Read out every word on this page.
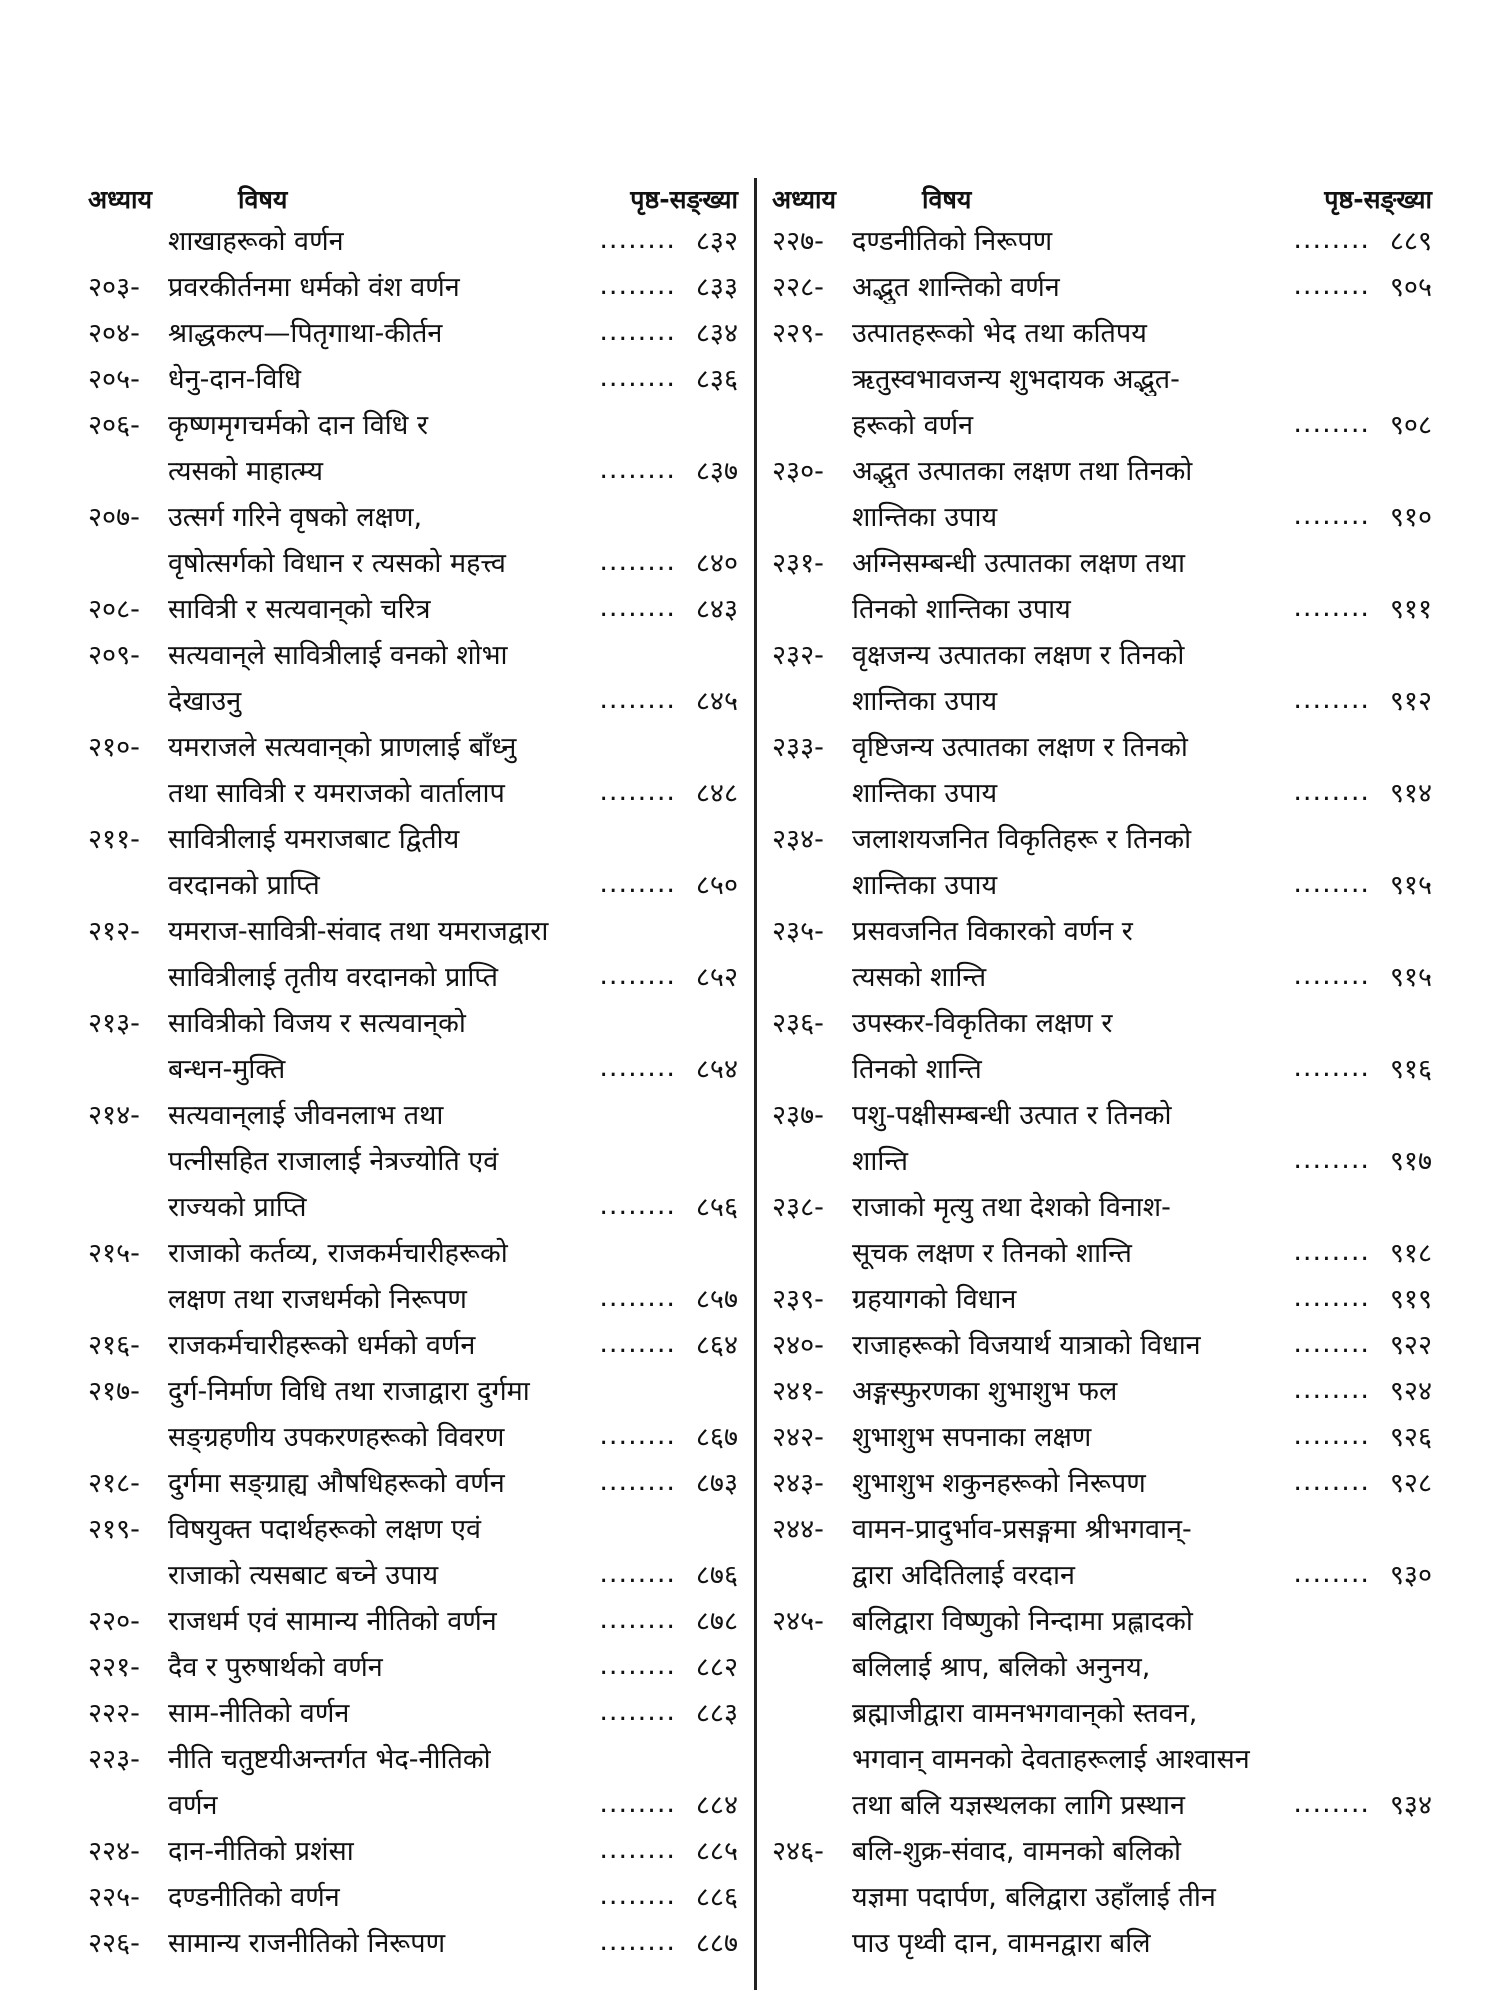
अध्याय	विषय	पृष्ठ-सङ्ख्या
शाखाहरूको वर्णन	........ ८३२
२०३-	प्रवरकीर्तनमा धर्मको वंश वर्णन	........ ८३३
२०४-	श्राद्धकल्प—पितृगाथा-कीर्तन	........ ८३४
२०५-	धेनु-दान-विधि	........ ८३६
२०६-	कृष्णमृगचर्मको दान विधि र
त्यसको माहात्म्य	........ ८३७
२०७-	उत्सर्ग गरिने वृषको लक्षण,
वृषोत्सर्गको विधान र त्यसको महत्त्व	........ ८४०
२०८-	सावित्री र सत्यवान्‌को चरित्र	........ ८४३
२०९-	सत्यवान्‌ले सावित्रीलाई वनको शोभा
देखाउनु	........ ८४५
२१०-	यमराजले सत्यवान्‌को प्राणलाई बाँध्नु
तथा सावित्री र यमराजको वार्तालाप	........ ८४८
२११-	सावित्रीलाई यमराजबाट द्वितीय
वरदानको प्राप्ति	........ ८५०
२१२-	यमराज-सावित्री-संवाद तथा यमराजद्वारा
सावित्रीलाई तृतीय वरदानको प्राप्ति	........ ८५२
२१३-	सावित्रीको विजय र सत्यवान्‌को
बन्धन-मुक्ति	........ ८५४
२१४-	सत्यवान्‌लाई जीवनलाभ तथा
पत्नीसहित राजालाई नेत्रज्योति एवं
राज्यको प्राप्ति	........ ८५६
२१५-	राजाको कर्तव्य, राजकर्मचारीहरूको
लक्षण तथा राजधर्मको निरूपण	........ ८५७
२१६-	राजकर्मचारीहरूको धर्मको वर्णन	........ ८६४
२१७-	दुर्ग-निर्माण विधि तथा राजाद्वारा दुर्गमा
सङ्ग्रहणीय उपकरणहरूको विवरण	........ ८६७
२१८-	दुर्गमा सङ्ग्राह्य औषधिहरूको वर्णन	........ ८७३
२१९-	विषयुक्त पदार्थहरूको लक्षण एवं
राजाको त्यसबाट बच्ने उपाय	........ ८७६
२२०-	राजधर्म एवं सामान्य नीतिको वर्णन	........ ८७८
२२१-	दैव र पुरुषार्थको वर्णन	........ ८८२
२२२-	साम-नीतिको वर्णन	........ ८८३
२२३-	नीति चतुष्टयीअन्तर्गत भेद-नीतिको
वर्णन	........ ८८४
२२४-	दान-नीतिको प्रशंसा	........ ८८५
२२५-	दण्डनीतिको वर्णन	........ ८८६
२२६-	सामान्य राजनीतिको निरूपण	........ ८८७
अध्याय	विषय	पृष्ठ-सङ्ख्या
२२७-	दण्डनीतिको निरूपण	........ ८८९
२२८-	अद्भुत शान्तिको वर्णन	........ ९०५
२२९-	उत्पातहरूको भेद तथा कतिपय
ऋतुस्वभावजन्य शुभदायक अद्भुत-
हरूको वर्णन	........ ९०८
२३०-	अद्भुत उत्पातका लक्षण तथा तिनको
शान्तिका उपाय	........ ९१०
२३१-	अग्निसम्बन्धी उत्पातका लक्षण तथा
तिनको शान्तिका उपाय	........ ९११
२३२-	वृक्षजन्य उत्पातका लक्षण र तिनको
शान्तिका उपाय	........ ९१२
२३३-	वृष्टिजन्य उत्पातका लक्षण र तिनको
शान्तिका उपाय	........ ९१४
२३४-	जलाशयजनित विकृतिहरू र तिनको
शान्तिका उपाय	........ ९१५
२३५-	प्रसवजनित विकारको वर्णन र
त्यसको शान्ति	........ ९१५
२३६-	उपस्कर-विकृतिका लक्षण र
तिनको शान्ति	........ ९१६
२३७-	पशु-पक्षीसम्बन्धी उत्पात र तिनको
शान्ति	........ ९१७
२३८-	राजाको मृत्यु तथा देशको विनाश-
सूचक लक्षण र तिनको शान्ति	........ ९१८
२३९-	ग्रहयागको विधान	........ ९१९
२४०-	राजाहरूको विजयार्थ यात्राको विधान	........ ९२२
२४१-	अङ्गस्फुरणका शुभाशुभ फल	........ ९२४
२४२-	शुभाशुभ सपनाका लक्षण	........ ९२६
२४३-	शुभाशुभ शकुनहरूको निरूपण	........ ९२८
२४४-	वामन-प्रादुर्भाव-प्रसङ्गमा श्रीभगवान्-
द्वारा अदितिलाई वरदान	........ ९३०
२४५-	बलिद्वारा विष्णुको निन्दामा प्रह्लादको
बलिलाई श्राप, बलिको अनुनय,
ब्रह्माजीद्वारा वामनभगवान्‌को स्तवन,
भगवान् वामनको देवताहरूलाई आश्वासन
तथा बलि यज्ञस्थलका लागि प्रस्थान	........ ९३४
२४६-	बलि-शुक्र-संवाद, वामनको बलिको
यज्ञमा पदार्पण, बलिद्वारा उहाँलाई तीन
पाउ पृथ्वी दान, वामनद्वारा बलि
